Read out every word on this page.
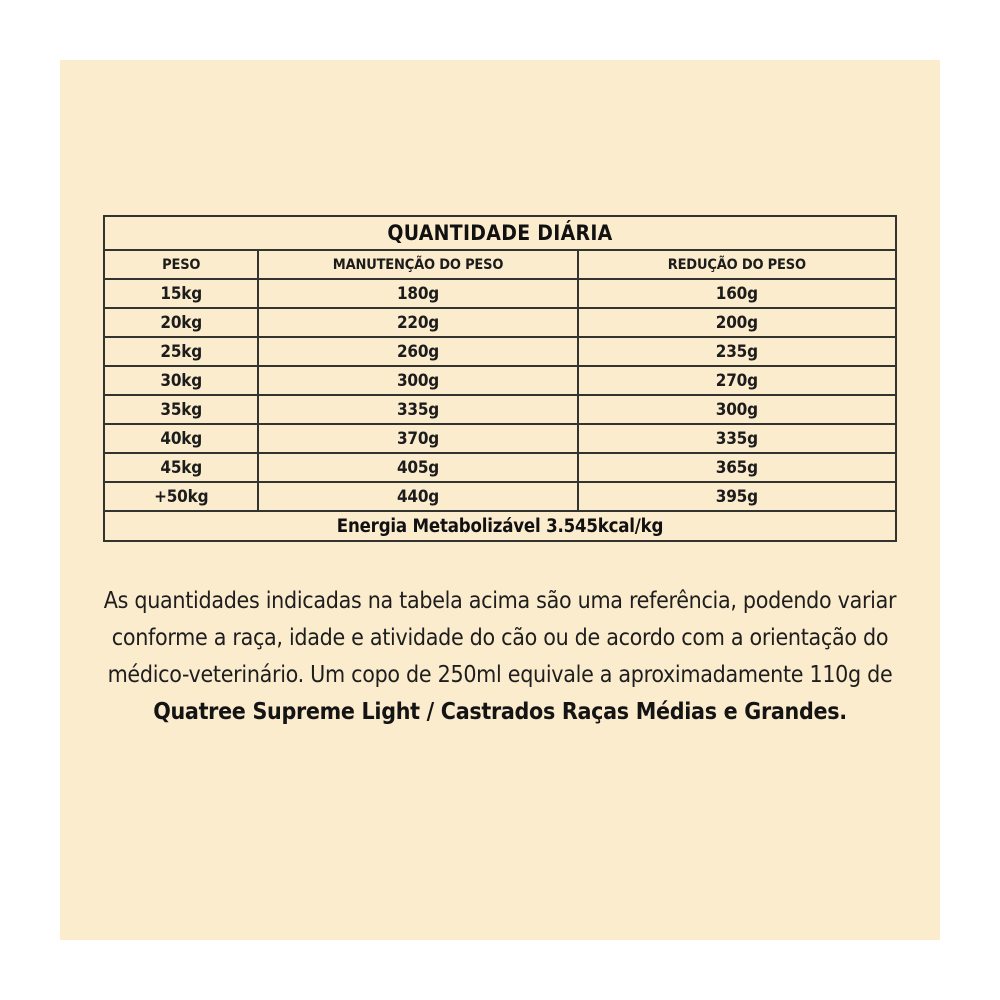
QUANTIDADE DIÁRIA		
PESO	MANUTENÇÃO DO PESO	REDUÇÃO DO PESO
15kg	180g	160g
20kg	220g	200g
25kg	260g	235g
30kg	300g	270g
35kg	335g	300g
40kg	370g	335g
45kg	405g	365g
+50kg	440g	395g
Energia Metabolizável 3.545kcal/kg		

As quantidades indicadas na tabela acima são uma referência, podendo variar conforme a raça, idade e atividade do cão ou de acordo com a orientação do médico-veterinário. Um copo de 250ml equivale a aproximadamente 110g de Quatree Supreme Light / Castrados Raças Médias e Grandes.
